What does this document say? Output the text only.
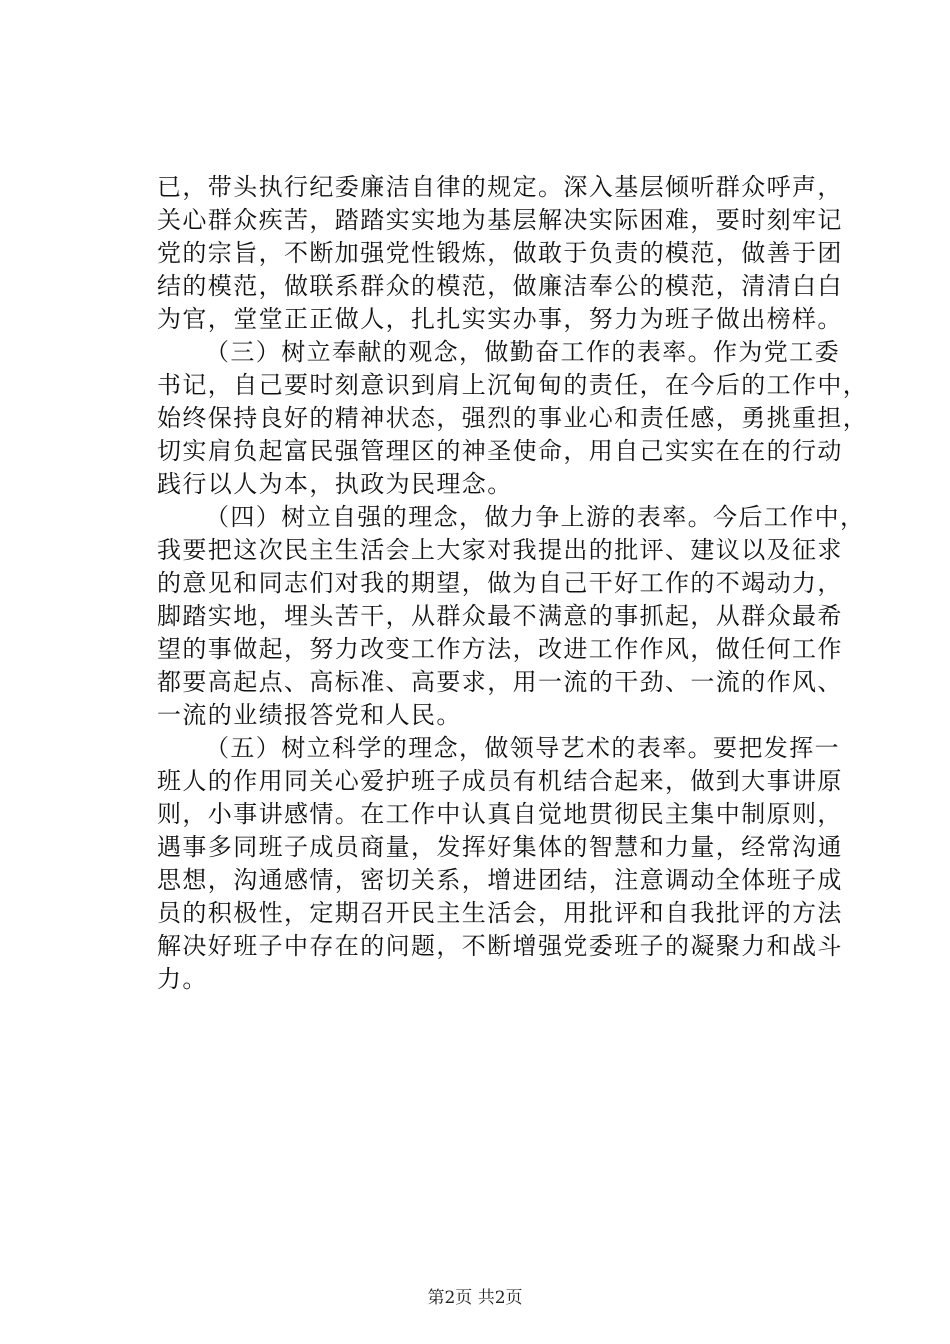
已，带头执行纪委廉洁自律的规定。深入基层倾听群众呼声，
关心群众疾苦，踏踏实实地为基层解决实际困难，要时刻牢记
党的宗旨，不断加强党性锻炼，做敢于负责的模范，做善于团
结的模范，做联系群众的模范，做廉洁奉公的模范，清清白白
为官，堂堂正正做人，扎扎实实办事，努力为班子做出榜样。
（三）树立奉献的观念，做勤奋工作的表率。作为党工委
书记，自己要时刻意识到肩上沉甸甸的责任，在今后的工作中，
始终保持良好的精神状态，强烈的事业心和责任感，勇挑重担，
切实肩负起富民强管理区的神圣使命，用自己实实在在的行动
践行以人为本，执政为民理念。
（四）树立自强的理念，做力争上游的表率。今后工作中，
我要把这次民主生活会上大家对我提出的批评、建议以及征求
的意见和同志们对我的期望，做为自己干好工作的不竭动力，
脚踏实地，埋头苦干，从群众最不满意的事抓起，从群众最希
望的事做起，努力改变工作方法，改进工作作风，做任何工作
都要高起点、高标准、高要求，用一流的干劲、一流的作风、
一流的业绩报答党和人民。
（五）树立科学的理念，做领导艺术的表率。要把发挥一
班人的作用同关心爱护班子成员有机结合起来，做到大事讲原
则，小事讲感情。在工作中认真自觉地贯彻民主集中制原则，
遇事多同班子成员商量，发挥好集体的智慧和力量，经常沟通
思想，沟通感情，密切关系，增进团结，注意调动全体班子成
员的积极性，定期召开民主生活会，用批评和自我批评的方法
解决好班子中存在的问题，不断增强党委班子的凝聚力和战斗
力。
第2页 共2页
